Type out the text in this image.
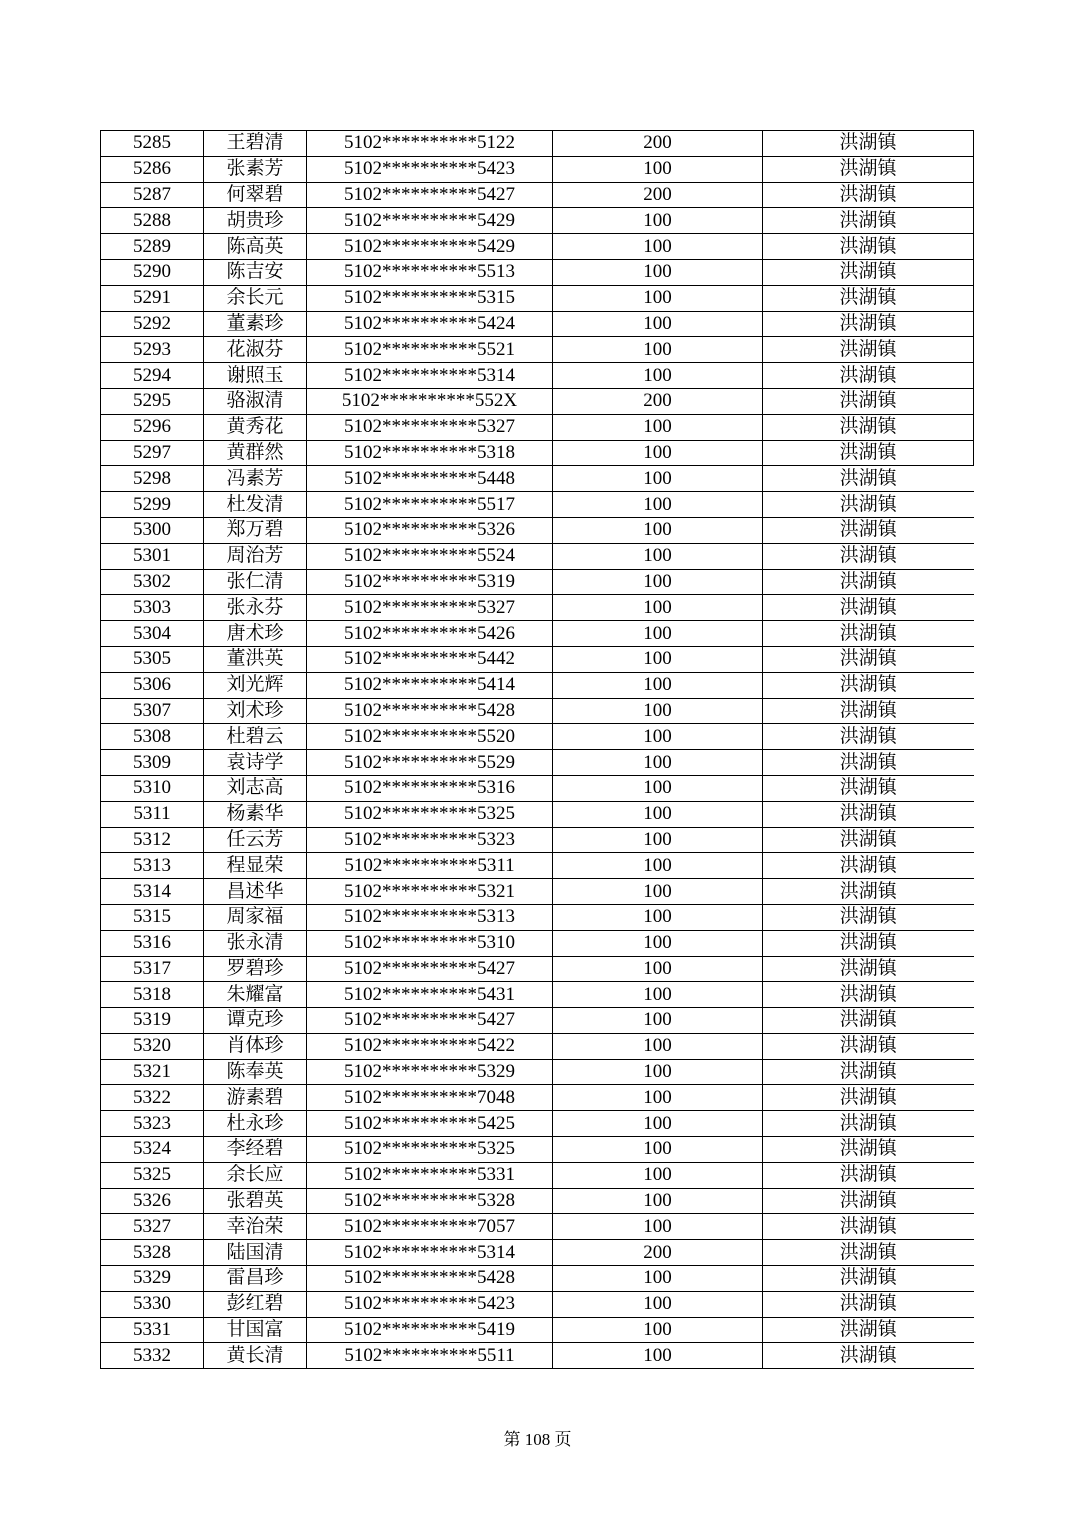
5285	王碧清	5102**********5122	200	洪湖镇
5286	张素芳	5102**********5423	100	洪湖镇
5287	何翠碧	5102**********5427	200	洪湖镇
5288	胡贵珍	5102**********5429	100	洪湖镇
5289	陈高英	5102**********5429	100	洪湖镇
5290	陈吉安	5102**********5513	100	洪湖镇
5291	余长元	5102**********5315	100	洪湖镇
5292	董素珍	5102**********5424	100	洪湖镇
5293	花淑芬	5102**********5521	100	洪湖镇
5294	谢照玉	5102**********5314	100	洪湖镇
5295	骆淑清	5102**********552X	200	洪湖镇
5296	黄秀花	5102**********5327	100	洪湖镇
5297	黄群然	5102**********5318	100	洪湖镇
5298	冯素芳	5102**********5448	100	洪湖镇
5299	杜发清	5102**********5517	100	洪湖镇
5300	郑万碧	5102**********5326	100	洪湖镇
5301	周治芳	5102**********5524	100	洪湖镇
5302	张仁清	5102**********5319	100	洪湖镇
5303	张永芬	5102**********5327	100	洪湖镇
5304	唐术珍	5102**********5426	100	洪湖镇
5305	董洪英	5102**********5442	100	洪湖镇
5306	刘光辉	5102**********5414	100	洪湖镇
5307	刘术珍	5102**********5428	100	洪湖镇
5308	杜碧云	5102**********5520	100	洪湖镇
5309	袁诗学	5102**********5529	100	洪湖镇
5310	刘志高	5102**********5316	100	洪湖镇
5311	杨素华	5102**********5325	100	洪湖镇
5312	任云芳	5102**********5323	100	洪湖镇
5313	程显荣	5102**********5311	100	洪湖镇
5314	昌述华	5102**********5321	100	洪湖镇
5315	周家福	5102**********5313	100	洪湖镇
5316	张永清	5102**********5310	100	洪湖镇
5317	罗碧珍	5102**********5427	100	洪湖镇
5318	朱耀富	5102**********5431	100	洪湖镇
5319	谭克珍	5102**********5427	100	洪湖镇
5320	肖体珍	5102**********5422	100	洪湖镇
5321	陈奉英	5102**********5329	100	洪湖镇
5322	游素碧	5102**********7048	100	洪湖镇
5323	杜永珍	5102**********5425	100	洪湖镇
5324	李经碧	5102**********5325	100	洪湖镇
5325	余长应	5102**********5331	100	洪湖镇
5326	张碧英	5102**********5328	100	洪湖镇
5327	幸治荣	5102**********7057	100	洪湖镇
5328	陆国清	5102**********5314	200	洪湖镇
5329	雷昌珍	5102**********5428	100	洪湖镇
5330	彭红碧	5102**********5423	100	洪湖镇
5331	甘国富	5102**********5419	100	洪湖镇
5332	黄长清	5102**********5511	100	洪湖镇
第 108 页
